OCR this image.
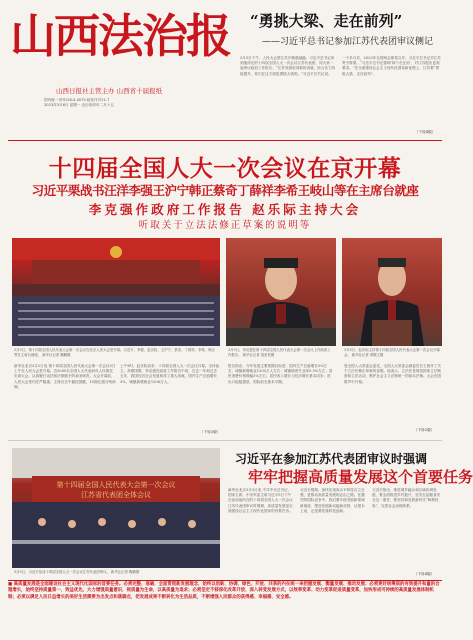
山西法治报
山西日报社主管主办 山西省十届报纸
国内统一刊号CN14-0070 邮发代号21-7
2023年3月6日 星期一 农历癸卯年二月十五
“勇挑大梁、走在前列”
——习近平总书记参加江苏代表团审议侧记
3月5日下午，人民大会堂江苏厅暖意融融。习近平总书记来到他所在的十四届全国人大一次会议江苏代表团，同大家一起审议政府工作报告。“江苏发展取得新的成就，综合实力持续提升，你们在这方面是勇挑大梁的。”习近平总书记说。
一个多月后，2023年全国两会即将召开。习近平总书记对江苏寄予厚望。“习近平总书记强调‘四个走在前’，对江苏提出更高要求。”在全面建设社会主义现代化国家新征程上，江苏要“勇挑大梁、走在前列”。
（下转4版）
十四届全国人大一次会议在京开幕
习近平栗战书汪洋李强王沪宁韩正蔡奇丁薛祥李希王岐山等在主席台就座
李克强作政府工作报告 赵乐际主持大会
听取关于立法法修正草案的说明等
3月5日，第十四届全国人民代表大会第一次会议在北京人民大会堂开幕。习近平、李强、赵乐际、王沪宁、蔡奇、丁薛祥、李希、韩正等在主席台就座。 新华社记者 鞠鹏摄
3月5日，李克强在第十四届全国人民代表大会第一次会议上作政府工作报告。 新华社记者 饶爱民摄
3月5日，赵乐际主持第十四届全国人民代表大会第一次会议开幕会。 新华社记者 黄敬文摄
新华社北京3月5日电 第十四届全国人民代表大会第一次会议5日上午在人民大会堂开幕。近3000名全国人大代表肩负人民重托出席大会，认真履行宪法和法律赋予的神圣职责。大会开幕前，人民大会堂内庄严隆重。主席台正中悬挂国徽，10面红旗分列两侧。
上午9时，赵乐际宣布：十四届全国人大一次会议开幕。全体起立，高唱国歌。李克强在政府工作报告中说，过去一年和过去五年，我国经济社会发展取得了重大成就。国内生产总值增长3%，城镇新增就业1206万人。
报告指出，今年发展主要预期目标是：国内生产总值增长5%左右；城镇新增就业1200万人左右；城镇调查失业率5.5%左右；居民消费价格涨幅3%左右；居民收入增长与经济增长基本同步；进出口促稳提质，国际收支基本平衡。
受全国人大常委会委托，全国人大常委会副委员长王晨作了关于立法法修正草案的说明。他表示，立法法是规范国家立法制度和立法活动、维护社会主义法制统一的基本法律。大会在国歌声中开幕。
（下转3版）	（下转2版）
第十四届全国人民代表大会第一次会议
江苏省代表团全体会议
3月5日，习近平参加十四届全国人大一次会议江苏代表团审议。 新华社记者 鞠鹏摄
习近平在参加江苏代表团审议时强调
牢牢把握高质量发展这个首要任务
新华社北京3月5日电 中共中央总书记、国家主席、中央军委主席习近平5日下午在参加他所在的十四届全国人大一次会议江苏代表团审议时强调，高质量发展是全面建设社会主义现代化国家的首要任务。
习近平强调，加快实现高水平科技自立自强，是推动高质量发展的必由之路。在激烈的国际竞争中，我们要开辟发展新领域新赛道、塑造发展新动能新优势，从根本上说，还是要依靠科技创新。
习近平指出，推进城乡融合和区域协调发展，要全面推进乡村振兴，坚决扛起粮食安全这一重任，要坚持和发展新时代“枫桥经验”，完善社会治理体系。
（下转4版）
■ 高质量发展是全面建设社会主义现代化国家的首要任务。必须完整、准确、全面贯彻新发展理念，始终以创新、协调、绿色、开放、共享的内在统一来把握发展、衡量发展、推动发展；必须更好统筹质的有效提升和量的合理增长，始终坚持质量第一、效益优先，大力增强质量意识，视质量为生命，以高质量为追求；必须坚定不移深化改革开放、深入转变发展方式，以效率变革、动力变革促进质量变革，加快形成可持续的高质量发展体制机制；必须以满足人民日益增长的美好生活需要为出发点和落脚点，把发展成果不断转化为生活品质，不断增强人民群众的获得感、幸福感、安全感。
